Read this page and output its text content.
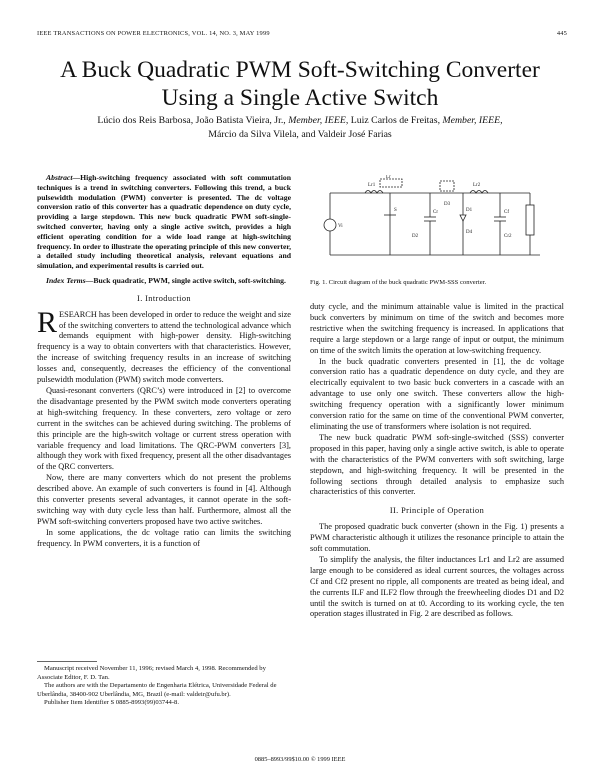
IEEE TRANSACTIONS ON POWER ELECTRONICS, VOL. 14, NO. 3, MAY 1999	445
A Buck Quadratic PWM Soft-Switching Converter Using a Single Active Switch
Lúcio dos Reis Barbosa, João Batista Vieira, Jr., Member, IEEE, Luiz Carlos de Freitas, Member, IEEE,
Márcio da Silva Vilela, and Valdeir José Farias

Abstract—High-switching frequency associated with soft commutation techniques is a trend in switching converters. Following this trend, a buck pulsewidth modulation (PWM) converter is presented. The dc voltage conversion ratio of this converter has a quadratic dependence on duty cycle, providing a large stepdown. This new buck quadratic PWM soft-single-switched converter, having only a single active switch, provides a high efficient operating condition for a wide load range at high-switching frequency. In order to illustrate the operating principle of this new converter, a detailed study including theoretical analysis, relevant equations and simulation, and experimental results is carried out.

Index Terms—Buck quadratic, PWM, single active switch, soft-switching.

I. Introduction

RESEARCH has been developed in order to reduce the weight and size of the switching converters to attend the technological advance which demands equipment with high-power density. High-switching frequency is a way to obtain converters with that characteristics. However, the increase of switching frequency results in an increase of switching losses and, consequently, decreases the efficiency of the conventional pulsewidth modulation (PWM) switch mode converters.

Quasi-resonant converters (QRC’s) were introduced in [2] to overcome the disadvantage presented by the PWM switch mode converters operating at high-switching frequency. In these converters, zero voltage or zero current in the switches can be achieved during switching. The problems of this principle are the high-switch voltage or current stress operation with variable frequency and load limitations. The QRC-PWM converters [3], although they work with fixed frequency, present all the other disadvantages of the QRC converters.

Now, there are many converters which do not present the problems described above. An example of such converters is found in [4]. Although this converter presents several advantages, it cannot operate in the soft-switching way with duty cycle less than half. Furthermore, almost all the PWM soft-switching converters proposed have two active switches.

In some applications, the dc voltage ratio can limits the switching frequency. In PWM converters, it is a function of

Manuscript received November 11, 1996; revised March 4, 1998. Recommended by Associate Editor, F. D. Tan.

The authors are with the Departamento de Engenharia Elétrica, Universidade Federal de Uberlândia, 38400-902 Uberlândia, MG, Brazil (e-mail: valdeir@ufu.br).

Publisher Item Identifier S 0885-8993(99)03744-8.

Lr1	Lr2
D1
Cr
S
D4
D3
Vi
Cf
Cr2
D2
Lr
Fig. 1. Circuit diagram of the buck quadratic PWM-SSS converter.

duty cycle, and the minimum attainable value is limited in the practical buck converters by minimum on time of the switch and becomes more restrictive when the switching frequency is increased. In applications that require a large stepdown or a large range of input or output, the minimum on time of the switch limits the operation at low-switching frequency.

In the buck quadratic converters presented in [1], the dc voltage conversion ratio has a quadratic dependence on duty cycle, and they are electrically equivalent to two basic buck converters in a cascade with an advantage to use only one switch. These converters allow the high-switching frequency operation with a significantly lower minimum conversion ratio for the same on time of the conventional PWM converter, eliminating the use of transformers where isolation is not required.

The new buck quadratic PWM soft-single-switched (SSS) converter proposed in this paper, having only a single active switch, is able to operate with the characteristics of the PWM converters with soft switching, large stepdown, and high-switching frequency. It will be presented in the following sections through detailed analysis to emphasize such characteristics of this converter.

II. Principle of Operation

The proposed quadratic buck converter (shown in the Fig. 1) presents a PWM characteristic although it utilizes the resonance principle to attain the soft commutation.

To simplify the analysis, the filter inductances Lr1 and Lr2 are assumed large enough to be considered as ideal current sources, the voltages across Cf and Cf2 present no ripple, all components are treated as being ideal, and the currents ILF and ILF2 flow through the freewheeling diodes D1 and D2 until the switch is turned on at t0. According to its working cycle, the ten operation stages illustrated in Fig. 2 are described as follows.

0885–8993/99$10.00 © 1999 IEEE
